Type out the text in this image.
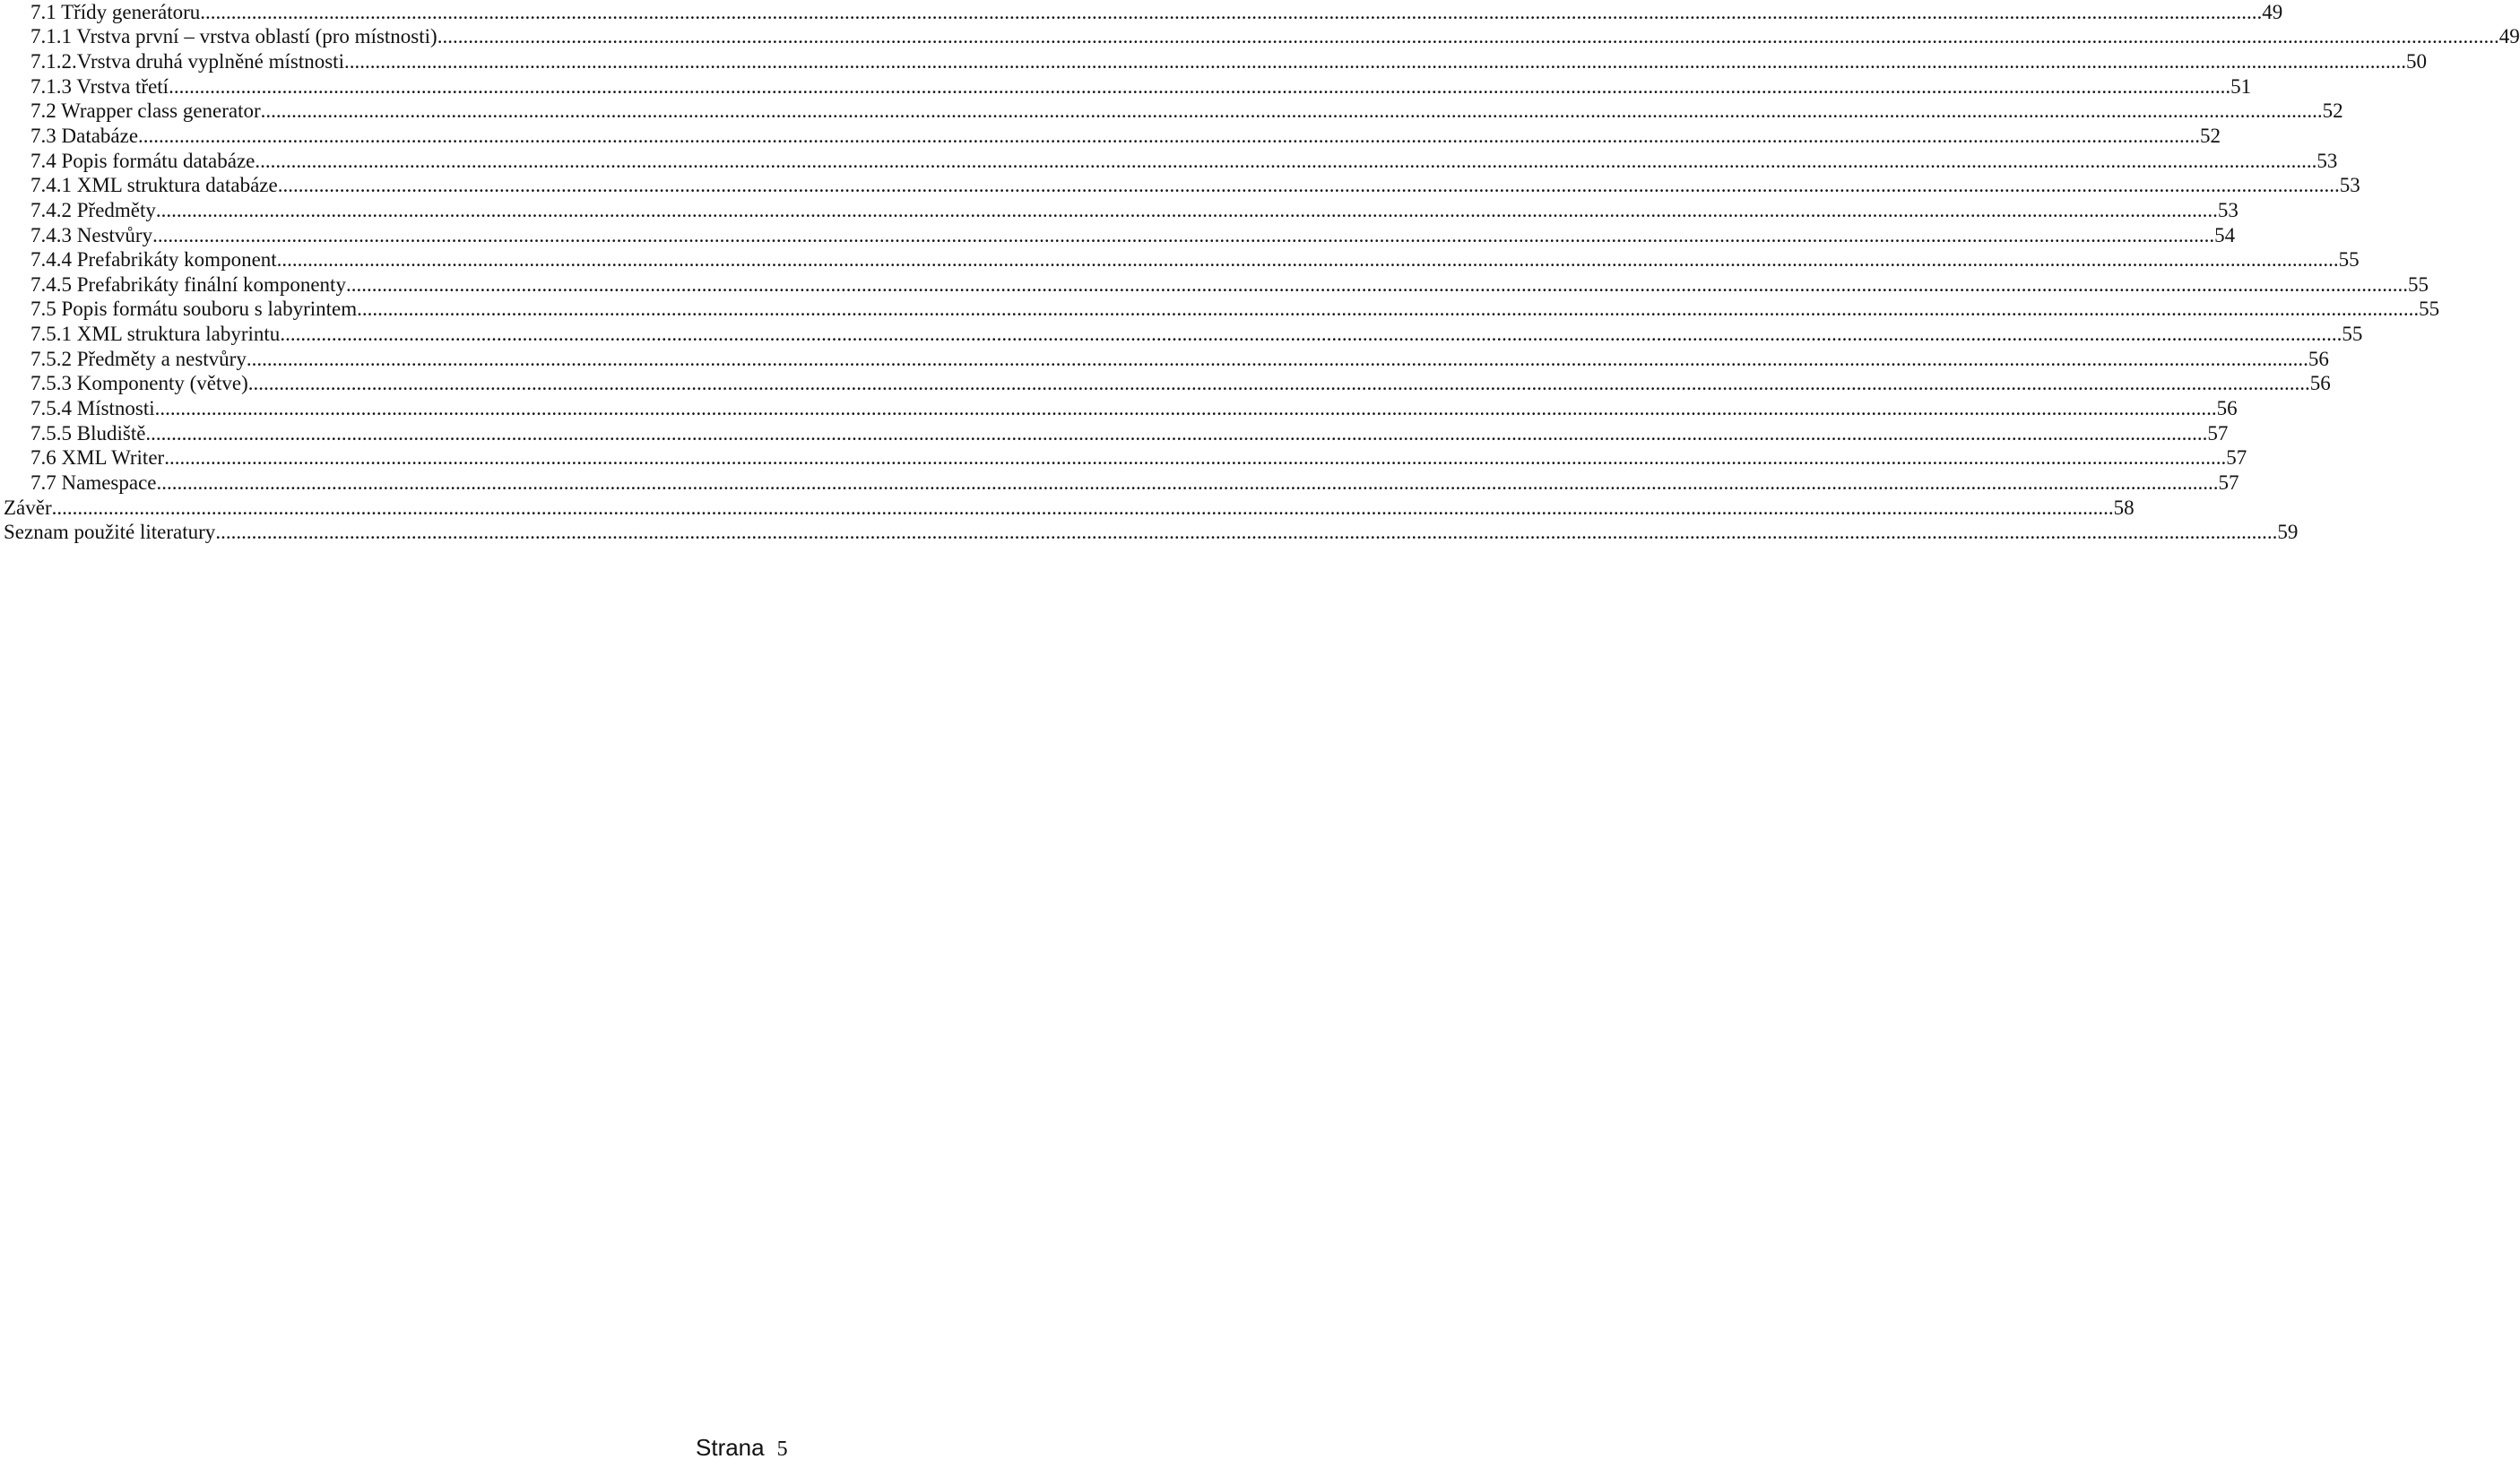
7.1 Třídy generátoru ................................................................................................................................................................................................................................................................................................................................................................................................................ 49
7.1.1 Vrstva první – vrstva oblastí (pro místnosti) ................................................................................................................................................................................................................................................................................................................................................................................................................ 49
7.1.2.Vrstva druhá vyplněné místnosti ................................................................................................................................................................................................................................................................................................................................................................................................................ 50
7.1.3 Vrstva třetí ................................................................................................................................................................................................................................................................................................................................................................................................................ 51
7.2 Wrapper class generator ................................................................................................................................................................................................................................................................................................................................................................................................................ 52
7.3 Databáze ................................................................................................................................................................................................................................................................................................................................................................................................................ 52
7.4 Popis formátu databáze ................................................................................................................................................................................................................................................................................................................................................................................................................ 53
7.4.1 XML struktura databáze ................................................................................................................................................................................................................................................................................................................................................................................................................ 53
7.4.2 Předměty ................................................................................................................................................................................................................................................................................................................................................................................................................ 53
7.4.3 Nestvůry ................................................................................................................................................................................................................................................................................................................................................................................................................ 54
7.4.4 Prefabrikáty komponent ................................................................................................................................................................................................................................................................................................................................................................................................................ 55
7.4.5 Prefabrikáty finální komponenty ................................................................................................................................................................................................................................................................................................................................................................................................................ 55
7.5 Popis formátu souboru s labyrintem ................................................................................................................................................................................................................................................................................................................................................................................................................ 55
7.5.1 XML struktura labyrintu ................................................................................................................................................................................................................................................................................................................................................................................................................ 55
7.5.2 Předměty a nestvůry ................................................................................................................................................................................................................................................................................................................................................................................................................ 56
7.5.3 Komponenty (větve) ................................................................................................................................................................................................................................................................................................................................................................................................................ 56
7.5.4 Místnosti ................................................................................................................................................................................................................................................................................................................................................................................................................ 56
7.5.5 Bludiště ................................................................................................................................................................................................................................................................................................................................................................................................................ 57
7.6 XML Writer ................................................................................................................................................................................................................................................................................................................................................................................................................ 57
7.7 Namespace ................................................................................................................................................................................................................................................................................................................................................................................................................ 57
Závěr ................................................................................................................................................................................................................................................................................................................................................................................................................ 58
Seznam použité literatury ................................................................................................................................................................................................................................................................................................................................................................................................................ 59
Strana 5
